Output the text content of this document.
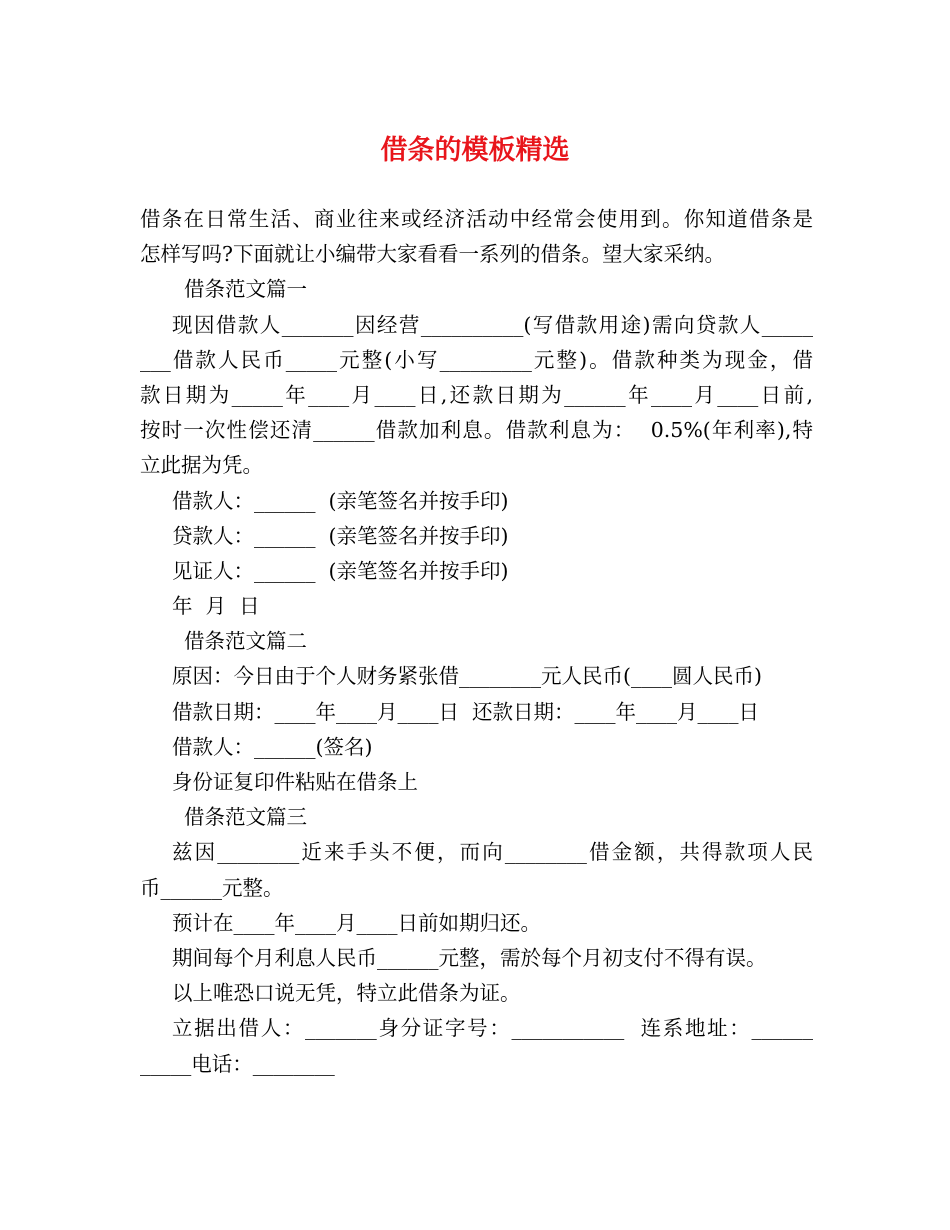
借条的模板精选
借条在日常生活、商业往来或经济活动中经常会使用到。你知道借条是
怎样写吗?下面就让小编带大家看看一系列的借条。望大家采纳。
借条范文篇一
现因借款人_______因经营__________(写借款用途)需向贷款人_____
___借款人民币_____元整(小写_________元整)。借款种类为现金，借
款日期为_____年____月____日,还款日期为______年____月____日前,
按时一次性偿还清______借款加利息。借款利息为：  0.5%(年利率),特
立此据为凭。
借款人：______  (亲笔签名并按手印)
贷款人：______  (亲笔签名并按手印)
见证人：______  (亲笔签名并按手印)
年  月  日
借条范文篇二
原因：今日由于个人财务紧张借________元人民币(____圆人民币)
借款日期：____年____月____日  还款日期：____年____月____日
借款人：______(签名)
身份证复印件粘贴在借条上
借条范文篇三
兹因________近来手头不便，而向________借金额，共得款项人民
币______元整。
预计在____年____月____日前如期归还。
期间每个月利息人民币______元整，需於每个月初支付不得有误。
以上唯恐口说无凭，特立此借条为证。
立据出借人：_______身分证字号：___________  连系地址：______
_____电话：________
